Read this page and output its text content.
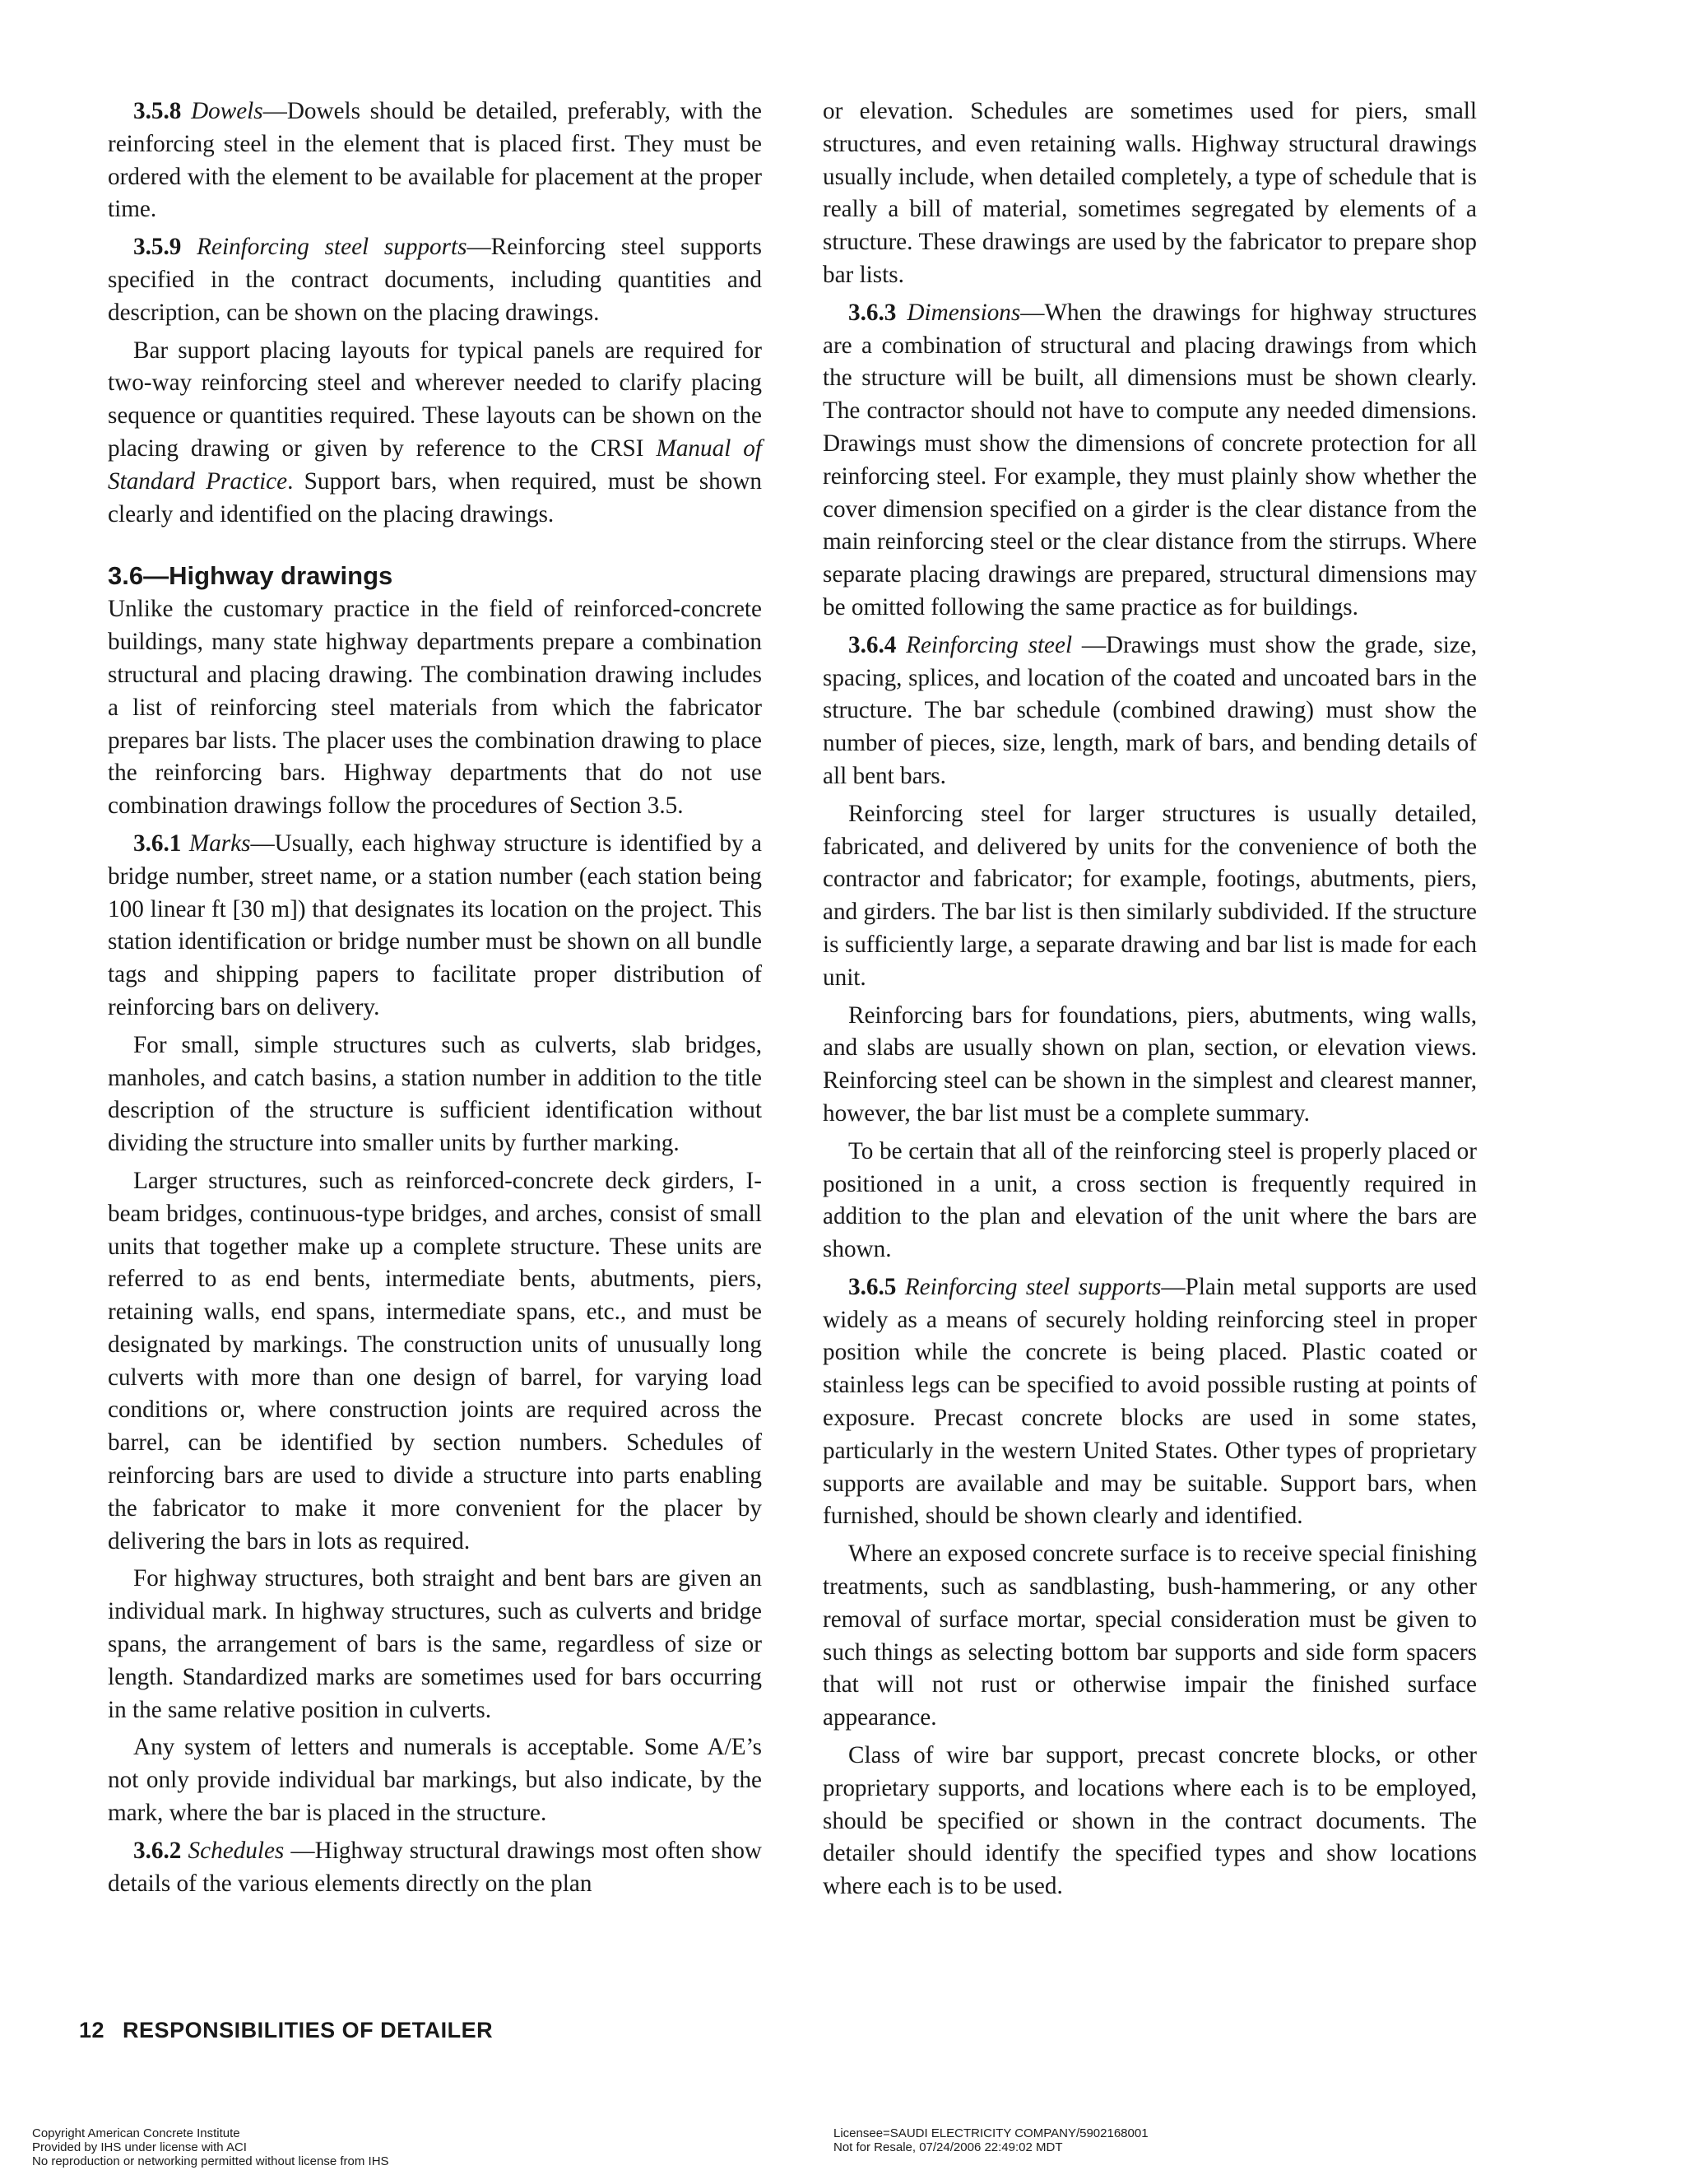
3.5.8 Dowels—Dowels should be detailed, preferably, with the reinforcing steel in the element that is placed first. They must be ordered with the element to be available for placement at the proper time.

3.5.9 Reinforcing steel supports—Reinforcing steel supports specified in the contract documents, including quantities and description, can be shown on the placing drawings.

Bar support placing layouts for typical panels are required for two-way reinforcing steel and wherever needed to clarify placing sequence or quantities required. These layouts can be shown on the placing drawing or given by reference to the CRSI Manual of Standard Practice. Support bars, when required, must be shown clearly and identified on the placing drawings.

3.6—Highway drawings

Unlike the customary practice in the field of reinforced-concrete buildings, many state highway departments prepare a combination structural and placing drawing. The combination drawing includes a list of reinforcing steel materials from which the fabricator prepares bar lists. The placer uses the combination drawing to place the reinforcing bars. Highway departments that do not use combination drawings follow the procedures of Section 3.5.

3.6.1 Marks—Usually, each highway structure is identified by a bridge number, street name, or a station number (each station being 100 linear ft [30 m]) that designates its location on the project. This station identification or bridge number must be shown on all bundle tags and shipping papers to facilitate proper distribution of reinforcing bars on delivery.

For small, simple structures such as culverts, slab bridges, manholes, and catch basins, a station number in addition to the title description of the structure is sufficient identification without dividing the structure into smaller units by further marking.

Larger structures, such as reinforced-concrete deck girders, I-beam bridges, continuous-type bridges, and arches, consist of small units that together make up a complete structure. These units are referred to as end bents, intermediate bents, abutments, piers, retaining walls, end spans, intermediate spans, etc., and must be designated by markings. The construction units of unusually long culverts with more than one design of barrel, for varying load conditions or, where construction joints are required across the barrel, can be identified by section numbers. Schedules of reinforcing bars are used to divide a structure into parts enabling the fabricator to make it more convenient for the placer by delivering the bars in lots as required.

For highway structures, both straight and bent bars are given an individual mark. In highway structures, such as culverts and bridge spans, the arrangement of bars is the same, regardless of size or length. Standardized marks are sometimes used for bars occurring in the same relative position in culverts.

Any system of letters and numerals is acceptable. Some A/E’s not only provide individual bar markings, but also indicate, by the mark, where the bar is placed in the structure.

3.6.2 Schedules —Highway structural drawings most often show details of the various elements directly on the plan

or elevation. Schedules are sometimes used for piers, small structures, and even retaining walls. Highway structural drawings usually include, when detailed completely, a type of schedule that is really a bill of material, sometimes segregated by elements of a structure. These drawings are used by the fabricator to prepare shop bar lists.

3.6.3 Dimensions—When the drawings for highway structures are a combination of structural and placing drawings from which the structure will be built, all dimensions must be shown clearly. The contractor should not have to compute any needed dimensions. Drawings must show the dimensions of concrete protection for all reinforcing steel. For example, they must plainly show whether the cover dimension specified on a girder is the clear distance from the main reinforcing steel or the clear distance from the stirrups. Where separate placing drawings are prepared, structural dimensions may be omitted following the same practice as for buildings.

3.6.4 Reinforcing steel —Drawings must show the grade, size, spacing, splices, and location of the coated and uncoated bars in the structure. The bar schedule (combined drawing) must show the number of pieces, size, length, mark of bars, and bending details of all bent bars.

Reinforcing steel for larger structures is usually detailed, fabricated, and delivered by units for the convenience of both the contractor and fabricator; for example, footings, abutments, piers, and girders. The bar list is then similarly subdivided. If the structure is sufficiently large, a separate drawing and bar list is made for each unit.

Reinforcing bars for foundations, piers, abutments, wing walls, and slabs are usually shown on plan, section, or elevation views. Reinforcing steel can be shown in the simplest and clearest manner, however, the bar list must be a complete summary.

To be certain that all of the reinforcing steel is properly placed or positioned in a unit, a cross section is frequently required in addition to the plan and elevation of the unit where the bars are shown.

3.6.5 Reinforcing steel supports—Plain metal supports are used widely as a means of securely holding reinforcing steel in proper position while the concrete is being placed. Plastic coated or stainless legs can be specified to avoid possible rusting at points of exposure. Precast concrete blocks are used in some states, particularly in the western United States. Other types of proprietary supports are available and may be suitable. Support bars, when furnished, should be shown clearly and identified.

Where an exposed concrete surface is to receive special finishing treatments, such as sandblasting, bush-hammering, or any other removal of surface mortar, special consideration must be given to such things as selecting bottom bar supports and side form spacers that will not rust or otherwise impair the finished surface appearance.

Class of wire bar support, precast concrete blocks, or other proprietary supports, and locations where each is to be employed, should be specified or shown in the contract documents. The detailer should identify the specified types and show locations where each is to be used.

12 RESPONSIBILITIES OF DETAILER
Copyright American Concrete Institute
Provided by IHS under license with ACI
No reproduction or networking permitted without license from IHS
Licensee=SAUDI ELECTRICITY COMPANY/5902168001
Not for Resale, 07/24/2006 22:49:02 MDT
